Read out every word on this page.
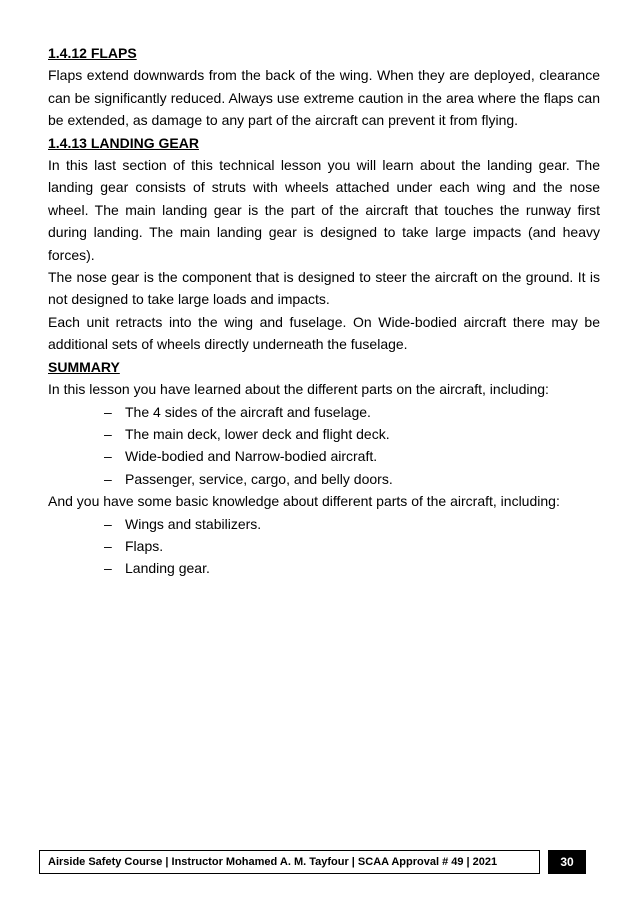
1.4.12 FLAPS

Flaps extend downwards from the back of the wing. When they are deployed, clearance can be significantly reduced. Always use extreme caution in the area where the flaps can be extended, as damage to any part of the aircraft can prevent it from flying.

1.4.13 LANDING GEAR

In this last section of this technical lesson you will learn about the landing gear. The landing gear consists of struts with wheels attached under each wing and the nose wheel. The main landing gear is the part of the aircraft that touches the runway first during landing. The main landing gear is designed to take large impacts (and heavy forces).

The nose gear is the component that is designed to steer the aircraft on the ground. It is not designed to take large loads and impacts.

Each unit retracts into the wing and fuselage. On Wide-bodied aircraft there may be additional sets of wheels directly underneath the fuselage.

SUMMARY

In this lesson you have learned about the different parts on the aircraft, including:

– The 4 sides of the aircraft and fuselage.
– The main deck, lower deck and flight deck.
– Wide-bodied and Narrow-bodied aircraft.
– Passenger, service, cargo, and belly doors.

And you have some basic knowledge about different parts of the aircraft, including:

– Wings and stabilizers.
– Flaps.
– Landing gear.
Airside Safety Course | Instructor Mohamed A. M. Tayfour | SCAA Approval # 49 | 2021	30
